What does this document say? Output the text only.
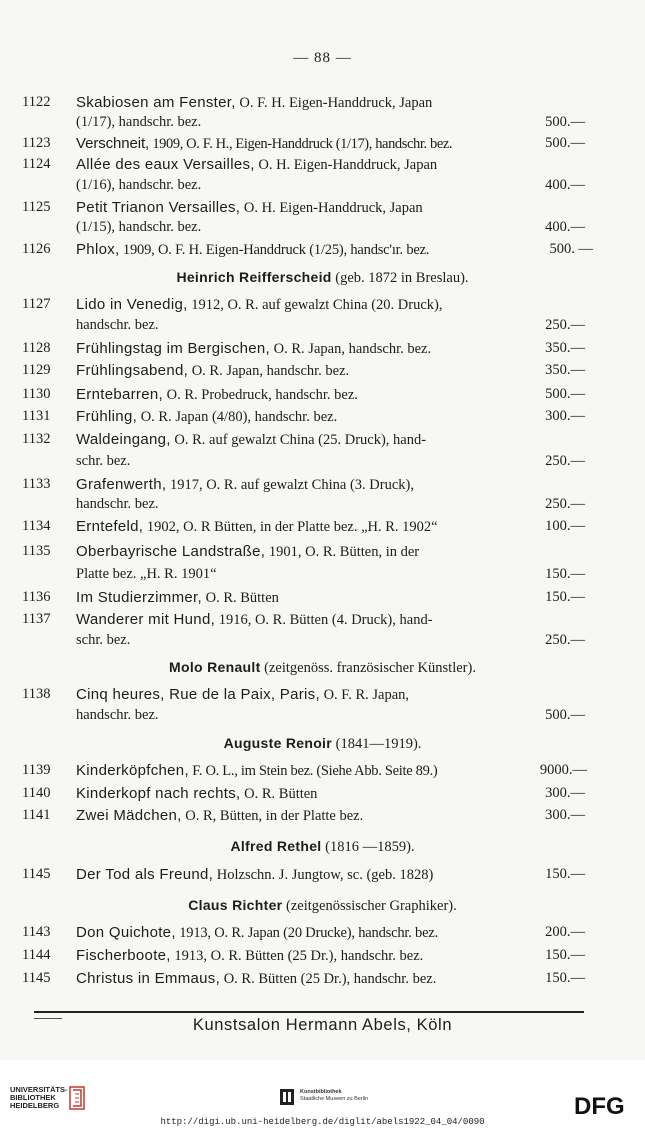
— 88 —
1122	Skabiosen am Fenster, O. F. H. Eigen-Handdruck, Japan
(1/17), handschr. bez.	500.—
1123	Verschneit, 1909, O. F. H., Eigen-Handdruck (1/17), handschr. bez.	500.—
1124	Allée des eaux Versailles, O. H. Eigen-Handdruck, Japan
(1/16), handschr. bez.	400.—
1125	Petit Trianon Versailles, O. H. Eigen-Handdruck, Japan
(1/15), handschr. bez.	400.—
1126	Phlox, 1909, O. F. H. Eigen-Handdruck (1/25), handsc'ır. bez.	500. —
Heinrich Reifferscheid (geb. 1872 in Breslau).
1127	Lido in Venedig, 1912, O. R. auf gewalzt China (20. Druck),
handschr. bez.	250.—
1128	Frühlingstag im Bergischen, O. R. Japan, handschr. bez.	350.—
1129	Frühlingsabend, O. R. Japan, handschr. bez.	350.—
1130	Erntebarren, O. R. Probedruck, handschr. bez.	500.—
1131	Frühling, O. R. Japan (4/80), handschr. bez.	300.—
1132	Waldeingang, O. R. auf gewalzt China (25. Druck), hand-
schr. bez.	250.—
1133	Grafenwerth, 1917, O. R. auf gewalzt China (3. Druck),
handschr. bez.	250.—
1134	Erntefeld, 1902, O. R Bütten, in der Platte bez. „H. R. 1902“	100.—
1135	Oberbayrische Landstraße, 1901, O. R. Bütten, in der
Platte bez. „H. R. 1901“	150.—
1136	Im Studierzimmer, O. R. Bütten	150.—
1137	Wanderer mit Hund, 1916, O. R. Bütten (4. Druck), hand-
schr. bez.	250.—
Molo Renault (zeitgenöss. französischer Künstler).
1138	Cinq heures, Rue de la Paix, Paris, O. F. R. Japan,
handschr. bez.	500.—
Auguste Renoir (1841—1919).
1139	Kinderköpfchen, F. O. L., im Stein bez. (Siehe Abb. Seite 89.)	9000.—
1140	Kinderkopf nach rechts, O. R. Bütten	300.—
1141	Zwei Mädchen, O. R, Bütten, in der Platte bez.	300.—
Alfred Rethel (1816 —1859).
1145	Der Tod als Freund, Holzschn. J. Jungtow, sc. (geb. 1828)	150.—
Claus Richter (zeitgenössischer Graphiker).
1143	Don Quichote, 1913, O. R. Japan (20 Drucke), handschr. bez.	200.—
1144	Fischerboote, 1913, O. R. Bütten (25 Dr.), handschr. bez.	150.—
1145	Christus in Emmaus, O. R. Bütten (25 Dr.), handschr. bez.	150.—
Kunstsalon Hermann Abels, Köln
UNIVERSITÄTS-
BIBLIOTHEK
HEIDELBERG
Kunstbibliothek
Staatliche Museen zu Berlin	DFG
http://digi.ub.uni-heidelberg.de/diglit/abels1922_04_04/0090
